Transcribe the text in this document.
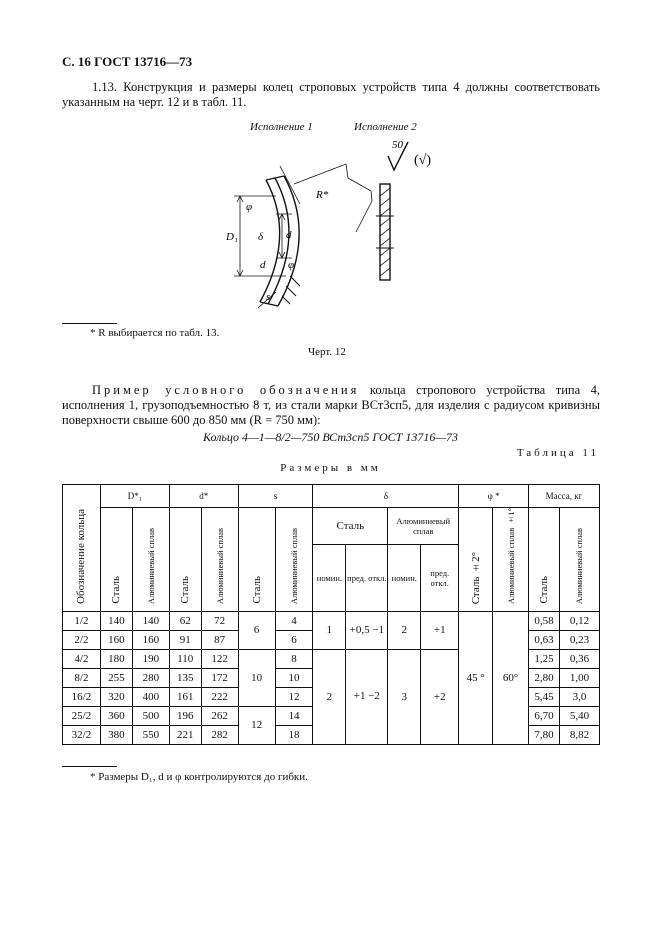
С. 16 ГОСТ 13716—73
1.13. Конструкция и размеры колец строповых устройств типа 4 должны соответствовать указанным на черт. 12 и в табл. 11.
Исполнение 1	Исполнение 2
50
(√)
R*
φ
D₁	d
δ
d φ
s
* R выбирается по табл. 13.
Черт. 12
Пример условного обозначения кольца стропового устройства типа 4, исполнения 1, грузоподъемностью 8 т, из стали марки ВСт3сп5, для изделия с радиусом кривизны поверхности свыше 600 до 850 мм (R = 750 мм):
Кольцо 4—1—8/2—750 ВСт3сп5 ГОСТ 13716—73
Таблица 11
Размеры в мм
Обозначение кольца	D*₁		d*		s		δ				φ *		Масса, кг	
	Сталь	Алюминиевый сплав	Сталь	Алюминиевый сплав	Сталь	Алюминиевый сплав	Сталь		Алюминиевый сплав		Сталь ±2°	Алюминиевый сплав ±1°	Сталь	Алюминиевый сплав
							номин.	пред. откл.	номин.	пред. откл.				
1/2	140	140	62	72	6	4	1	+0,5 −1	2	+1	45 °	60°	0,58	0,12
2/2	160	160	91	87		6							0,63	0,23
4/2	180	190	110	122	10	8	2	+1 −2	3	+2			1,25	0,36
8/2	255	280	135	172		10							2,80	1,00
16/2	320	400	161	222		12							5,45	3,0
25/2	360	500	196	262	12	14							6,70	5,40
32/2	380	550	221	282		18							7,80	8,82
* Размеры D₁, d и φ контролируются до гибки.
